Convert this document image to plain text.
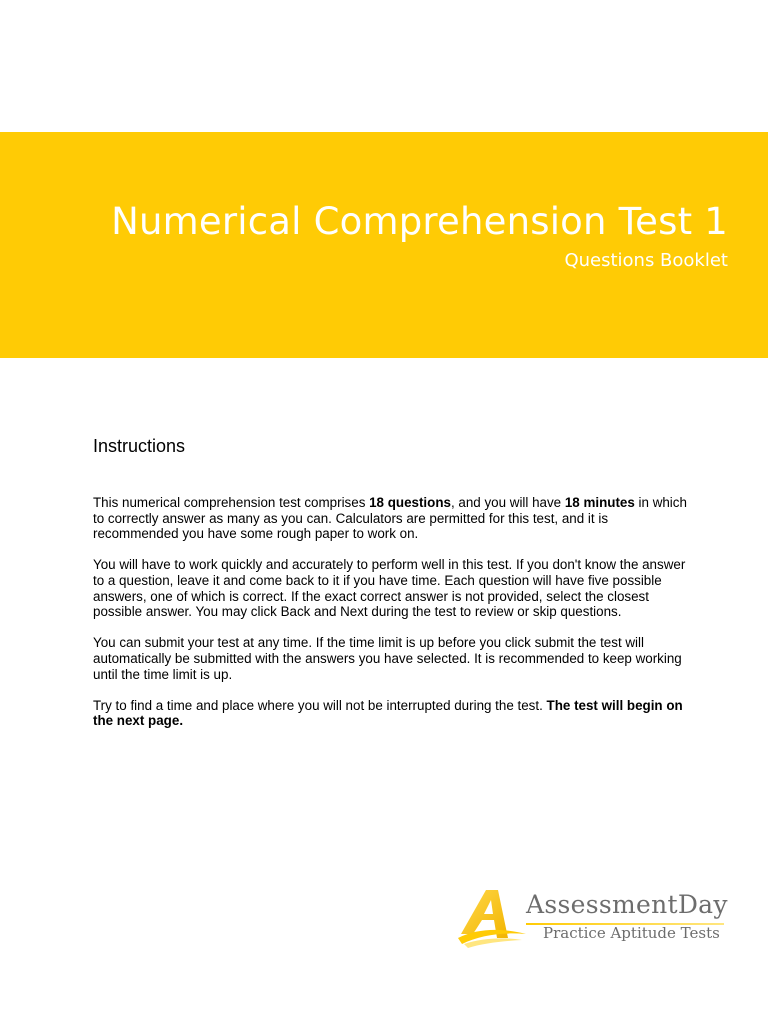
Numerical Comprehension Test 1
Questions Booklet
Instructions

This numerical comprehension test comprises 18 questions, and you will have 18 minutes in which to correctly answer as many as you can. Calculators are permitted for this test, and it is recommended you have some rough paper to work on.

You will have to work quickly and accurately to perform well in this test. If you don't know the answer to a question, leave it and come back to it if you have time. Each question will have five possible answers, one of which is correct. If the exact correct answer is not provided, select the closest possible answer. You may click Back and Next during the test to review or skip questions.

You can submit your test at any time. If the time limit is up before you click submit the test will automatically be submitted with the answers you have selected. It is recommended to keep working until the time limit is up.

Try to find a time and place where you will not be interrupted during the test. The test will begin on the next page.

AssessmentDay
Practice Aptitude Tests
